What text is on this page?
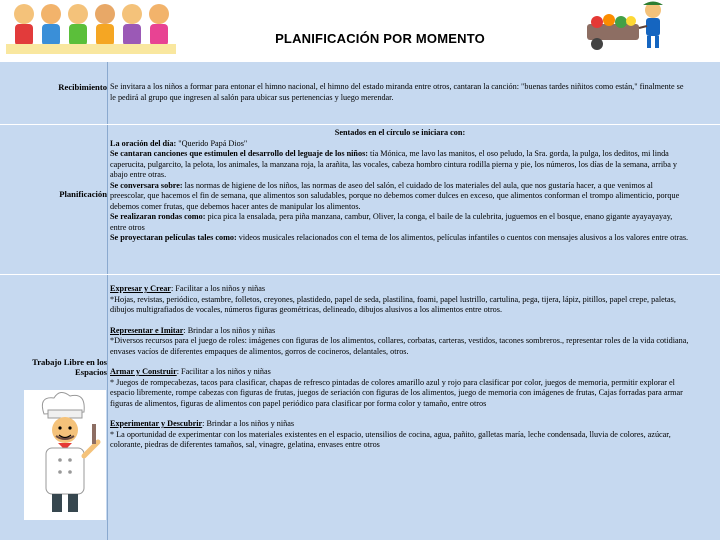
PLANIFICACIÓN POR MOMENTO
Recibimiento Se invitara a los niños a formar para entonar el himno nacional, el himno del estado miranda entre otros, cantaran la canción: "buenas tardes niñitos como están," finalmente se le pedirá al grupo que ingresen al salón para ubicar sus pertenencias y luego merendar.

Planificación

Sentados en el círculo se iniciara con:

La oración del día: "Querido Papá Dios"

Se cantaran canciones que estimulen el desarrollo del leguaje de los niños: tía Mónica, me lavo las manitos, el oso peludo, la Sra. gorda, la pulga, los deditos, mi linda caperucita, pulgarcito, la pelota, los animales, la manzana roja, la arañita, las vocales, cabeza hombro cintura rodilla pierna y pie, los números, los días de la semana, arriba y abajo entre otras.

Se conversara sobre: las normas de higiene de los niños, las normas de aseo del salón, el cuidado de los materiales del aula, que nos gustaría hacer, a que venimos al preescolar, que hacemos el fin de semana, que alimentos son saludables, porque no debemos comer dulces en exceso, que alimentos conforman el trompo alimenticio, porque debemos comer frutas, que debemos hacer antes de manipular los alimentos.

Se realizaran rondas como: pica pica la ensalada, pera piña manzana, cambur, Oliver, la conga, el baile de la culebrita, juguemos en el bosque, enano gigante ayayayayay, entre otros

Se proyectaran películas tales como: videos musicales relacionados con el tema de los alimentos, películas infantiles o cuentos con mensajes alusivos a los valores entre otras.

Trabajo Libre en los Espacios

Expresar y Crear: Facilitar a los niños y niñas

*Hojas, revistas, periódico, estambre, folletos, creyones, plastidedo, papel de seda, plastilina, foami, papel lustrillo, cartulina, pega, tijera, lápiz, pitillos, papel crepe, paletas, dibujos multigrafiados de vocales, números figuras geométricas, delineado, dibujos alusivos a los alimentos entre otros.

Representar e Imitar: Brindar a los niños y niñas

*Diversos recursos para el juego de roles: imágenes con figuras de los alimentos, collares, corbatas, carteras, vestidos, tacones sombreros., representar roles de la vida cotidiana, envases vacíos de diferentes empaques de alimentos, gorros de cocineros, delantales, otros.

Armar y Construir: Facilitar a los niños y niñas

* Juegos de rompecabezas, tacos para clasificar, chapas de refresco pintadas de colores amarillo azul y rojo para clasificar por color, juegos de memoria, permitir explorar el espacio libremente, rompe cabezas con figuras de frutas, juegos de seriación con figuras de los alimentos, juego de memoria con imágenes de frutas, Cajas forradas para armar figuras de alimentos, figuras de alimentos con papel periódico para clasificar por forma color y tamaño, entre otros

Experimentar y Descubrir: Brindar a los niños y niñas

* La oportunidad de experimentar con los materiales existentes en el espacio, utensilios de cocina, agua, pañito, galletas maría, leche condensada, lluvia de colores, azúcar, colorante, piedras de diferentes tamaños, sal, vinagre, gelatina, envases entre otros
